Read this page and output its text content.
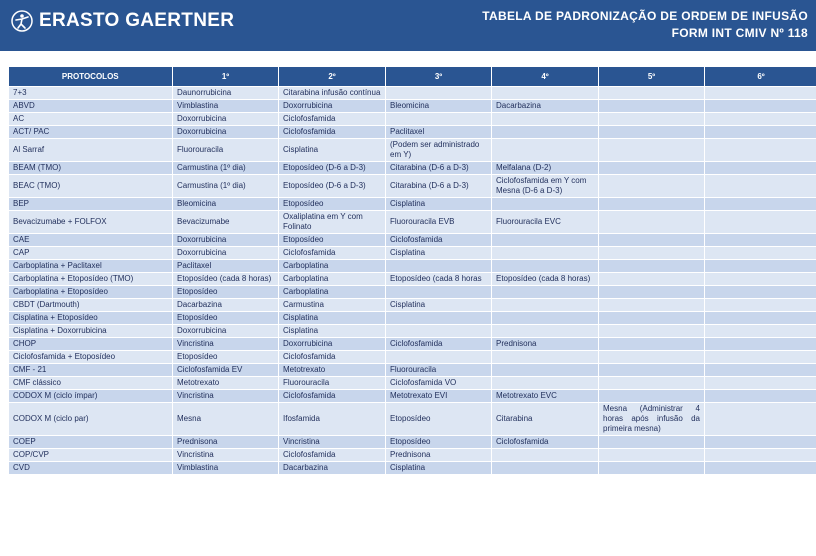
ERASTO GAERTNER	TABELA DE PADRONIZAÇÃO DE ORDEM DE INFUSÃO
FORM INT CMIV Nº 118
PROTOCOLOS	1º	2º	3º	4º	5º	6º
7+3	Daunorrubicina	Citarabina infusão contínua				
ABVD	Vimblastina	Doxorrubicina	Bleomicina	Dacarbazina		
AC	Doxorrubicina	Ciclofosfamida				
ACT/ PAC	Doxorrubicina	Ciclofosfamida	Paclitaxel			
Al Sarraf	Fluorouracila	Cisplatina	(Podem ser administrado em Y)			
BEAM (TMO)	Carmustina (1º dia)	Etoposídeo (D-6 a D-3)	Citarabina (D-6 a D-3)	Melfalana (D-2)		
BEAC (TMO)	Carmustina (1º dia)	Etoposídeo (D-6 a D-3)	Citarabina (D-6 a D-3)	Ciclofosfamida em Y com Mesna (D-6 a D-3)		
BEP	Bleomicina	Etoposídeo	Cisplatina			
Bevacizumabe + FOLFOX	Bevacizumabe	Oxaliplatina em Y com Folinato	Fluorouracila EVB	Fluorouracila EVC		
CAE	Doxorrubicina	Etoposídeo	Ciclofosfamida			
CAP	Doxorrubicina	Ciclofosfamida	Cisplatina			
Carboplatina + Paclitaxel	Paclitaxel	Carboplatina				
Carboplatina + Etoposídeo (TMO)	Etoposídeo (cada 8 horas)	Carboplatina	Etoposídeo (cada 8 horas	Etoposídeo (cada 8 horas)		
Carboplatina + Etoposídeo	Etoposídeo	Carboplatina				
CBDT (Dartmouth)	Dacarbazina	Carmustina	Cisplatina			
Cisplatina + Etoposídeo	Etoposídeo	Cisplatina				
Cisplatina + Doxorrubicina	Doxorrubicina	Cisplatina				
CHOP	Vincristina	Doxorrubicina	Ciclofosfamida	Prednisona		
Ciclofosfamida + Etoposídeo	Etoposídeo	Ciclofosfamida				
CMF - 21	Ciclofosfamida EV	Metotrexato	Fluorouracila			
CMF clássico	Metotrexato	Fluorouracila	Ciclofosfamida VO			
CODOX M (ciclo ímpar)	Vincristina	Ciclofosfamida	Metotrexato EVI	Metotrexato EVC		
CODOX M (ciclo par)	Mesna	Ifosfamida	Etoposídeo	Citarabina	Mesna (Administrar 4 horas após infusão da primeira mesna)	
COEP	Prednisona	Vincristina	Etoposídeo	Ciclofosfamida		
COP/CVP	Vincristina	Ciclofosfamida	Prednisona			
CVD	Vimblastina	Dacarbazina	Cisplatina			
